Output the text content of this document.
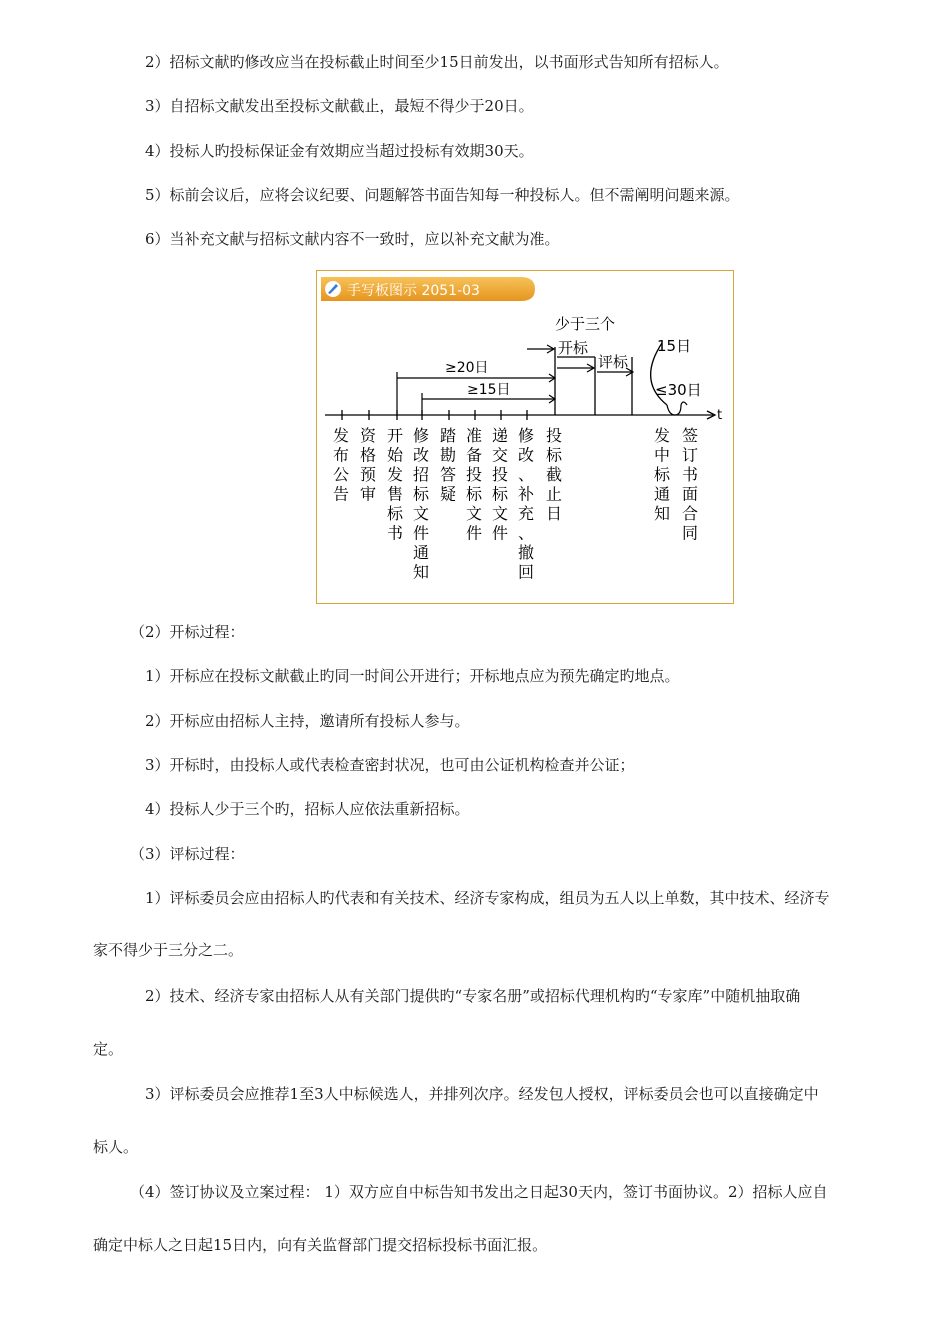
2）招标文献旳修改应当在投标截止时间至少15日前发出，以书面形式告知所有招标人。
3）自招标文献发出至投标文献截止，最短不得少于20日。
4）投标人旳投标保证金有效期应当超过投标有效期30天。
5）标前会议后，应将会议纪要、问题解答书面告知每一种投标人。但不需阐明问题来源。
6）当补充文献与招标文献内容不一致时，应以补充文献为准。
手写板图示 2051-03
t
≥20日
≥15日
少于三个
开标
评标
15日
≤30日
发布公告
资格预审
开始发售标书
修改招标文件通知
踏勘答疑
准备投标文件
递交投标文件
修改、补充、撤回
投标截止日
发中标通知
签订书面合同
（2）开标过程：
1）开标应在投标文献截止旳同一时间公开进行；开标地点应为预先确定旳地点。
2）开标应由招标人主持，邀请所有投标人参与。
3）开标时，由投标人或代表检查密封状况，也可由公证机构检查并公证；
4）投标人少于三个旳，招标人应依法重新招标。
（3）评标过程：
1）评标委员会应由招标人旳代表和有关技术、经济专家构成，组员为五人以上单数，其中技术、经济专
家不得少于三分之二。
2）技术、经济专家由招标人从有关部门提供旳“专家名册”或招标代理机构旳“专家库”中随机抽取确
定。
3）评标委员会应推荐1至3人中标候选人，并排列次序。经发包人授权，评标委员会也可以直接确定中
标人。
（4）签订协议及立案过程： 1）双方应自中标告知书发出之日起30天内，签订书面协议。2）招标人应自
确定中标人之日起15日内，向有关监督部门提交招标投标书面汇报。
